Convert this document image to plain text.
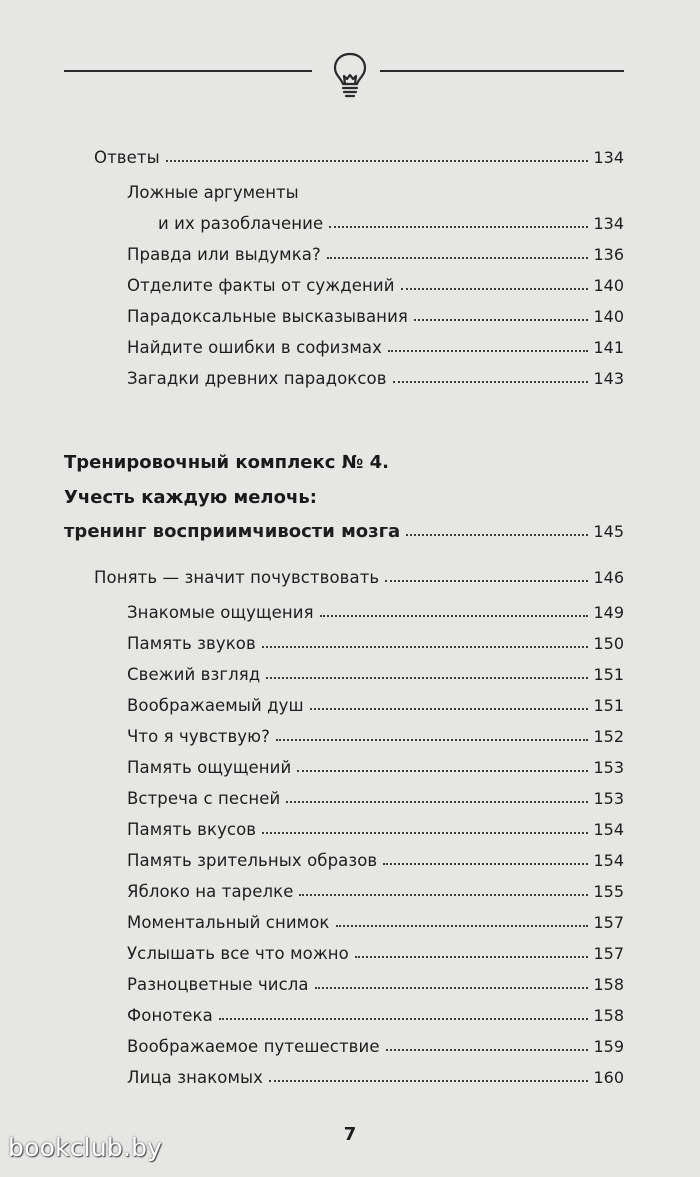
Ответы	134
Ложные аргументы
и их разоблачение	134
Правда или выдумка?	136
Отделите факты от суждений	140
Парадоксальные высказывания	140
Найдите ошибки в софизмах	141
Загадки древних парадоксов	143
Тренировочный комплекс № 4.
Учесть каждую мелочь:
тренинг восприимчивости мозга	145
Понять — значит почувствовать	146
Знакомые ощущения	149
Память звуков	150
Свежий взгляд	151
Воображаемый душ	151
Что я чувствую?	152
Память ощущений	153
Встреча с песней	153
Память вкусов	154
Память зрительных образов	154
Яблоко на тарелке	155
Моментальный снимок	157
Услышать все что можно	157
Разноцветные числа	158
Фонотека	158
Воображаемое путешествие	159
Лица знакомых	160
7
bookclub.by
